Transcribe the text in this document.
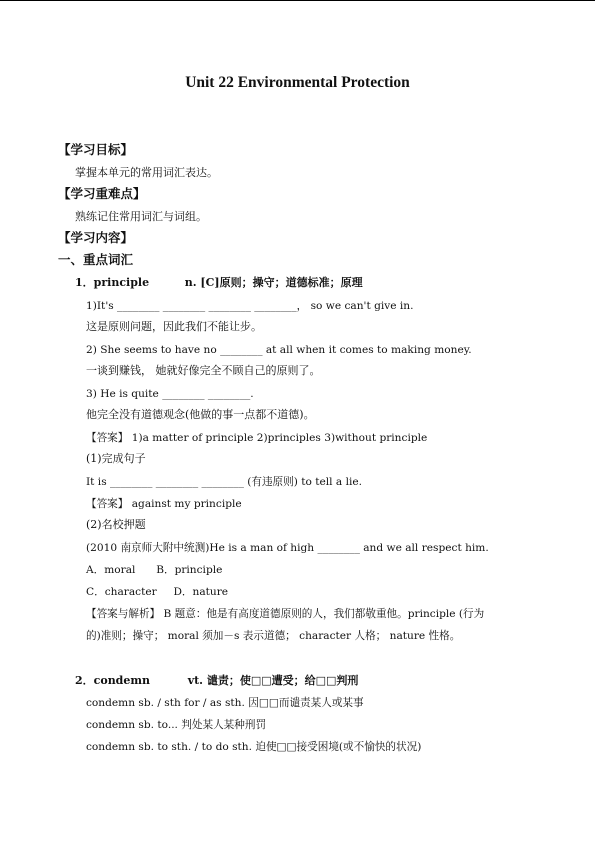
Unit 22 Environmental Protection
【学习目标】
掌握本单元的常用词汇表达。
【学习重难点】
熟练记住常用词汇与词组。
【学习内容】
一、重点词汇
1．principle	n. [C]原则；操守；道德标准；原理
1)It's ________ ________ ________ ________， so we can't give in.
这是原则问题，因此我们不能让步。
2) She seems to have no ________ at all when it comes to making money.
一谈到赚钱， 她就好像完全不顾自己的原则了。
3) He is quite ________ ________.
他完全没有道德观念(他做的事一点都不道德)。
【答案】 1)a matter of principle 2)principles 3)without principle
(1)完成句子
It is ________ ________ ________ (有违原则) to tell a lie.
【答案】 against my principle
(2)名校押题
(2010 南京师大附中统测)He is a man of high ________ and we all respect him.
A．moral B．principle
C．character D．nature
【答案与解析】 B 题意：他是有高度道德原则的人，我们都敬重他。principle (行为
的)准则；操守； moral 须加－s 表示道德； character 人格； nature 性格。
2．condemn	vt. 谴责；使□□遭受；给□□判刑
condemn sb. / sth for / as sth. 因□□而谴责某人或某事
condemn sb. to... 判处某人某种刑罚
condemn sb. to sth. / to do sth. 迫使□□接受困境(或不愉快的状况)
